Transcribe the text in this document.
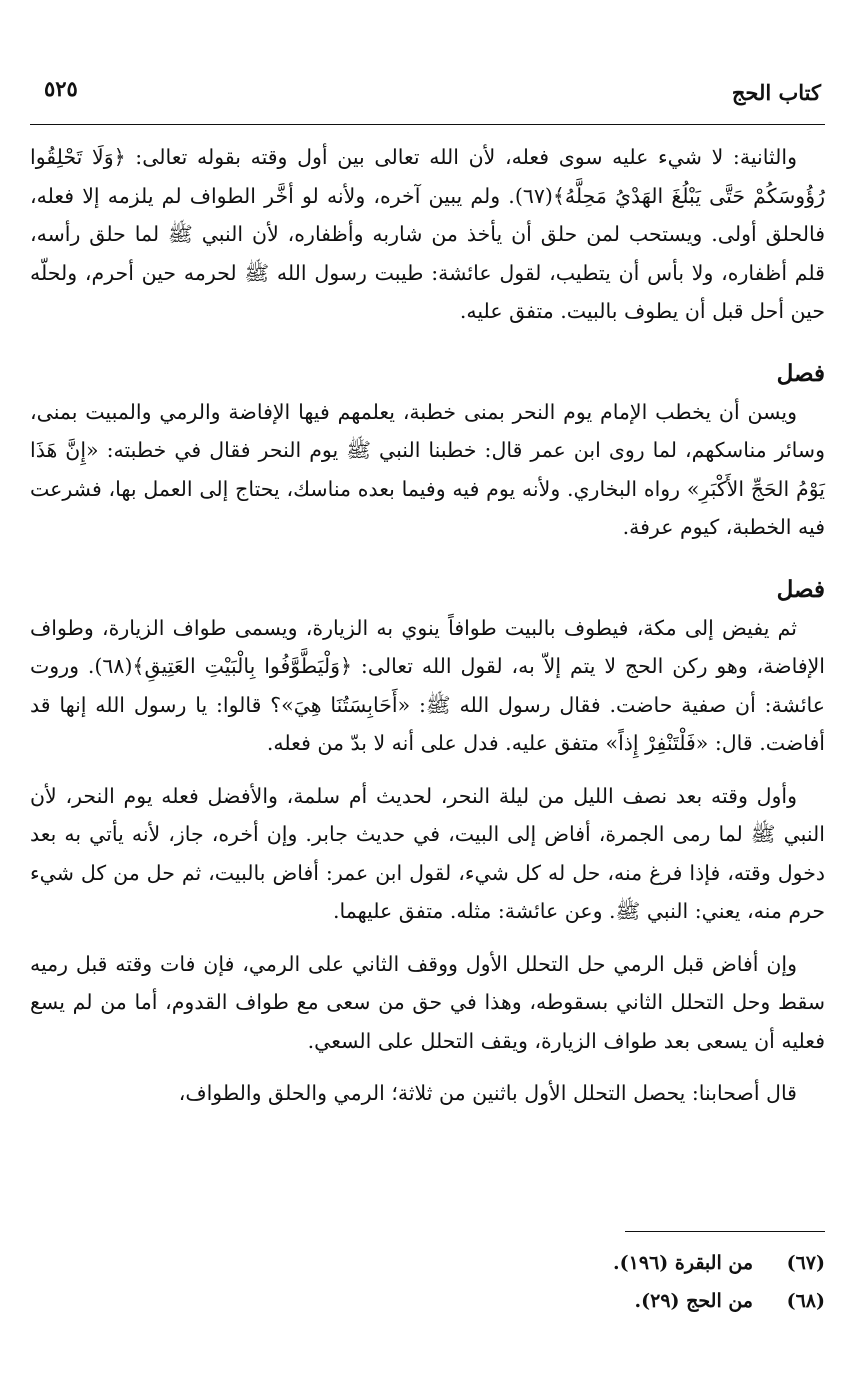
كتاب الحج
٥٢٥

والثانية: لا شيء عليه سوى فعله، لأن الله تعالى بين أول وقته بقوله تعالى: ﴿وَلَا تَحْلِقُوا رُؤُوسَكُمْ حَتَّى يَبْلُغَ الهَدْيُ مَحِلَّهُ﴾(٦٧). ولم يبين آخره، ولأنه لو أخَّر الطواف لم يلزمه إلا فعله، فالحلق أولى. ويستحب لمن حلق أن يأخذ من شاربه وأظفاره، لأن النبي ﷺ لما حلق رأسه، قلم أظفاره، ولا بأس أن يتطيب، لقول عائشة: طيبت رسول الله ﷺ لحرمه حين أحرم، ولحلّه حين أحل قبل أن يطوف بالبيت. متفق عليه.

فصل

ويسن أن يخطب الإمام يوم النحر بمنى خطبة، يعلمهم فيها الإفاضة والرمي والمبيت بمنى، وسائر مناسكهم، لما روى ابن عمر قال: خطبنا النبي ﷺ يوم النحر فقال في خطبته: «إِنَّ هَذَا يَوْمُ الحَجِّ الأَكْبَرِ» رواه البخاري. ولأنه يوم فيه وفيما بعده مناسك، يحتاج إلى العمل بها، فشرعت فيه الخطبة، كيوم عرفة.

فصل

ثم يفيض إلى مكة، فيطوف بالبيت طوافاً ينوي به الزيارة، ويسمى طواف الزيارة، وطواف الإفاضة، وهو ركن الحج لا يتم إلاّ به، لقول الله تعالى: ﴿وَلْيَطَّوَّفُوا بِالْبَيْتِ العَتِيقِ﴾(٦٨). وروت عائشة: أن صفية حاضت. فقال رسول الله ﷺ: «أَحَابِسَتُنَا هِيَ»؟ قالوا: يا رسول الله إنها قد أفاضت. قال: «فَلْتَنْفِرْ إِذاً» متفق عليه. فدل على أنه لا بدّ من فعله.

وأول وقته بعد نصف الليل من ليلة النحر، لحديث أم سلمة، والأفضل فعله يوم النحر، لأن النبي ﷺ لما رمى الجمرة، أفاض إلى البيت، في حديث جابر. وإن أخره، جاز، لأنه يأتي به بعد دخول وقته، فإذا فرغ منه، حل له كل شيء، لقول ابن عمر: أفاض بالبيت، ثم حل من كل شيء حرم منه، يعني: النبي ﷺ. وعن عائشة: مثله. متفق عليهما.

وإن أفاض قبل الرمي حل التحلل الأول ووقف الثاني على الرمي، فإن فات وقته قبل رميه سقط وحل التحلل الثاني بسقوطه، وهذا في حق من سعى مع طواف القدوم، أما من لم يسع فعليه أن يسعى بعد طواف الزيارة، ويقف التحلل على السعي.

قال أصحابنا: يحصل التحلل الأول باثنين من ثلاثة؛ الرمي والحلق والطواف،

(٦٧)
من البقرة (١٩٦).
(٦٨)
من الحج (٢٩).
